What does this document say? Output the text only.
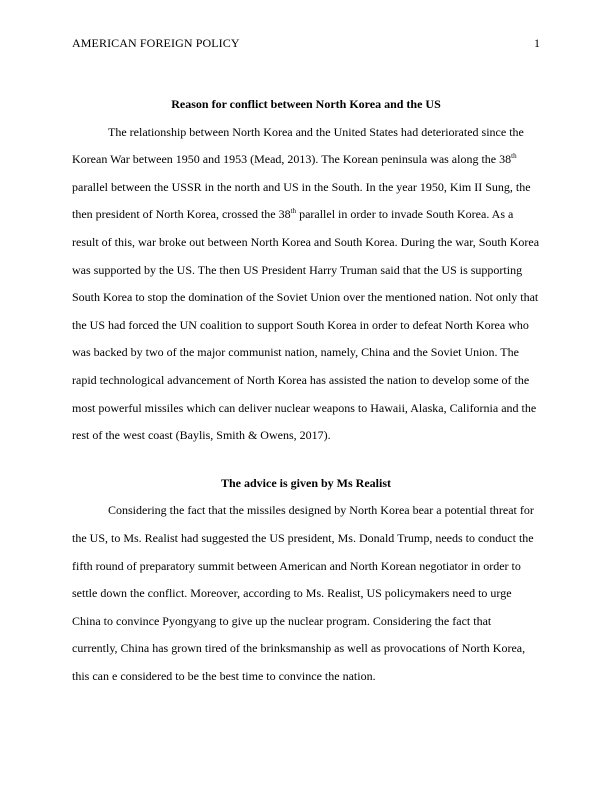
AMERICAN FOREIGN POLICY	1
Reason for conflict between North Korea and the US
The relationship between North Korea and the United States had deteriorated since the
Korean War between 1950 and 1953 (Mead, 2013). The Korean peninsula was along the 38th
parallel between the USSR in the north and US in the South. In the year 1950, Kim II Sung, the
then president of North Korea, crossed the 38th parallel in order to invade South Korea. As a
result of this, war broke out between North Korea and South Korea. During the war, South Korea
was supported by the US. The then US President Harry Truman said that the US is supporting
South Korea to stop the domination of the Soviet Union over the mentioned nation. Not only that
the US had forced the UN coalition to support South Korea in order to defeat North Korea who
was backed by two of the major communist nation, namely, China and the Soviet Union. The
rapid technological advancement of North Korea has assisted the nation to develop some of the
most powerful missiles which can deliver nuclear weapons to Hawaii, Alaska, California and the
rest of the west coast (Baylis, Smith & Owens, 2017).
The advice is given by Ms Realist
Considering the fact that the missiles designed by North Korea bear a potential threat for
the US, to Ms. Realist had suggested the US president, Ms. Donald Trump, needs to conduct the
fifth round of preparatory summit between American and North Korean negotiator in order to
settle down the conflict. Moreover, according to Ms. Realist, US policymakers need to urge
China to convince Pyongyang to give up the nuclear program. Considering the fact that
currently, China has grown tired of the brinksmanship as well as provocations of North Korea,
this can e considered to be the best time to convince the nation.
